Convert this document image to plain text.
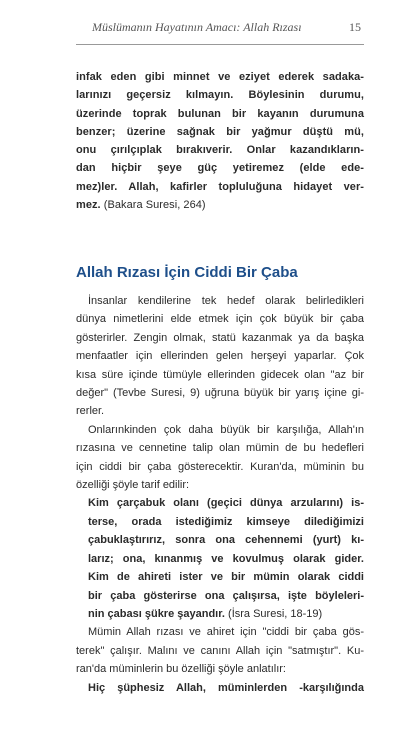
Müslümanın Hayatının Amacı: Allah Rızası	15
infak eden gibi minnet ve eziyet ederek sadaka-
larınızı geçersiz kılmayın. Böylesinin durumu,
üzerinde toprak bulunan bir kayanın durumuna
benzer; üzerine sağnak bir yağmur düştü mü,
onu çırılçıplak bırakıverir. Onlar kazandıkların-
dan hiçbir şeye güç yetiremez (elde ede-
mez)ler. Allah, kafirler topluluğuna hidayet ver-
mez. (Bakara Suresi, 264)
Allah Rızası İçin Ciddi Bir Çaba
İnsanlar kendilerine tek hedef olarak belirledikleri
dünya nimetlerini elde etmek için çok büyük bir çaba
gösterirler. Zengin olmak, statü kazanmak ya da başka
menfaatler için ellerinden gelen herşeyi yaparlar. Çok
kısa süre içinde tümüyle ellerinden gidecek olan "az bir
değer" (Tevbe Suresi, 9) uğruna büyük bir yarış içine gi-
rerler.
Onlarınkinden çok daha büyük bir karşılığa, Allah'ın
rızasına ve cennetine talip olan mümin de bu hedefleri
için ciddi bir çaba gösterecektir. Kuran'da, müminin bu
özelliği şöyle tarif edilir:
Kim çarçabuk olanı (geçici dünya arzularını) is-
terse, orada istediğimiz kimseye dilediğimizi
çabuklaştırırız, sonra ona cehennemi (yurt) kı-
larız; ona, kınanmış ve kovulmuş olarak gider.
Kim de ahireti ister ve bir mümin olarak ciddi
bir çaba gösterirse ona çalışırsa, işte böyleleri-
nin çabası şükre şayandır. (İsra Suresi, 18-19)
Mümin Allah rızası ve ahiret için "ciddi bir çaba gös-
terek" çalışır. Malını ve canını Allah için "satmıştır". Ku-
ran'da müminlerin bu özelliği şöyle anlatılır:
Hiç şüphesiz Allah, müminlerden -karşılığında
